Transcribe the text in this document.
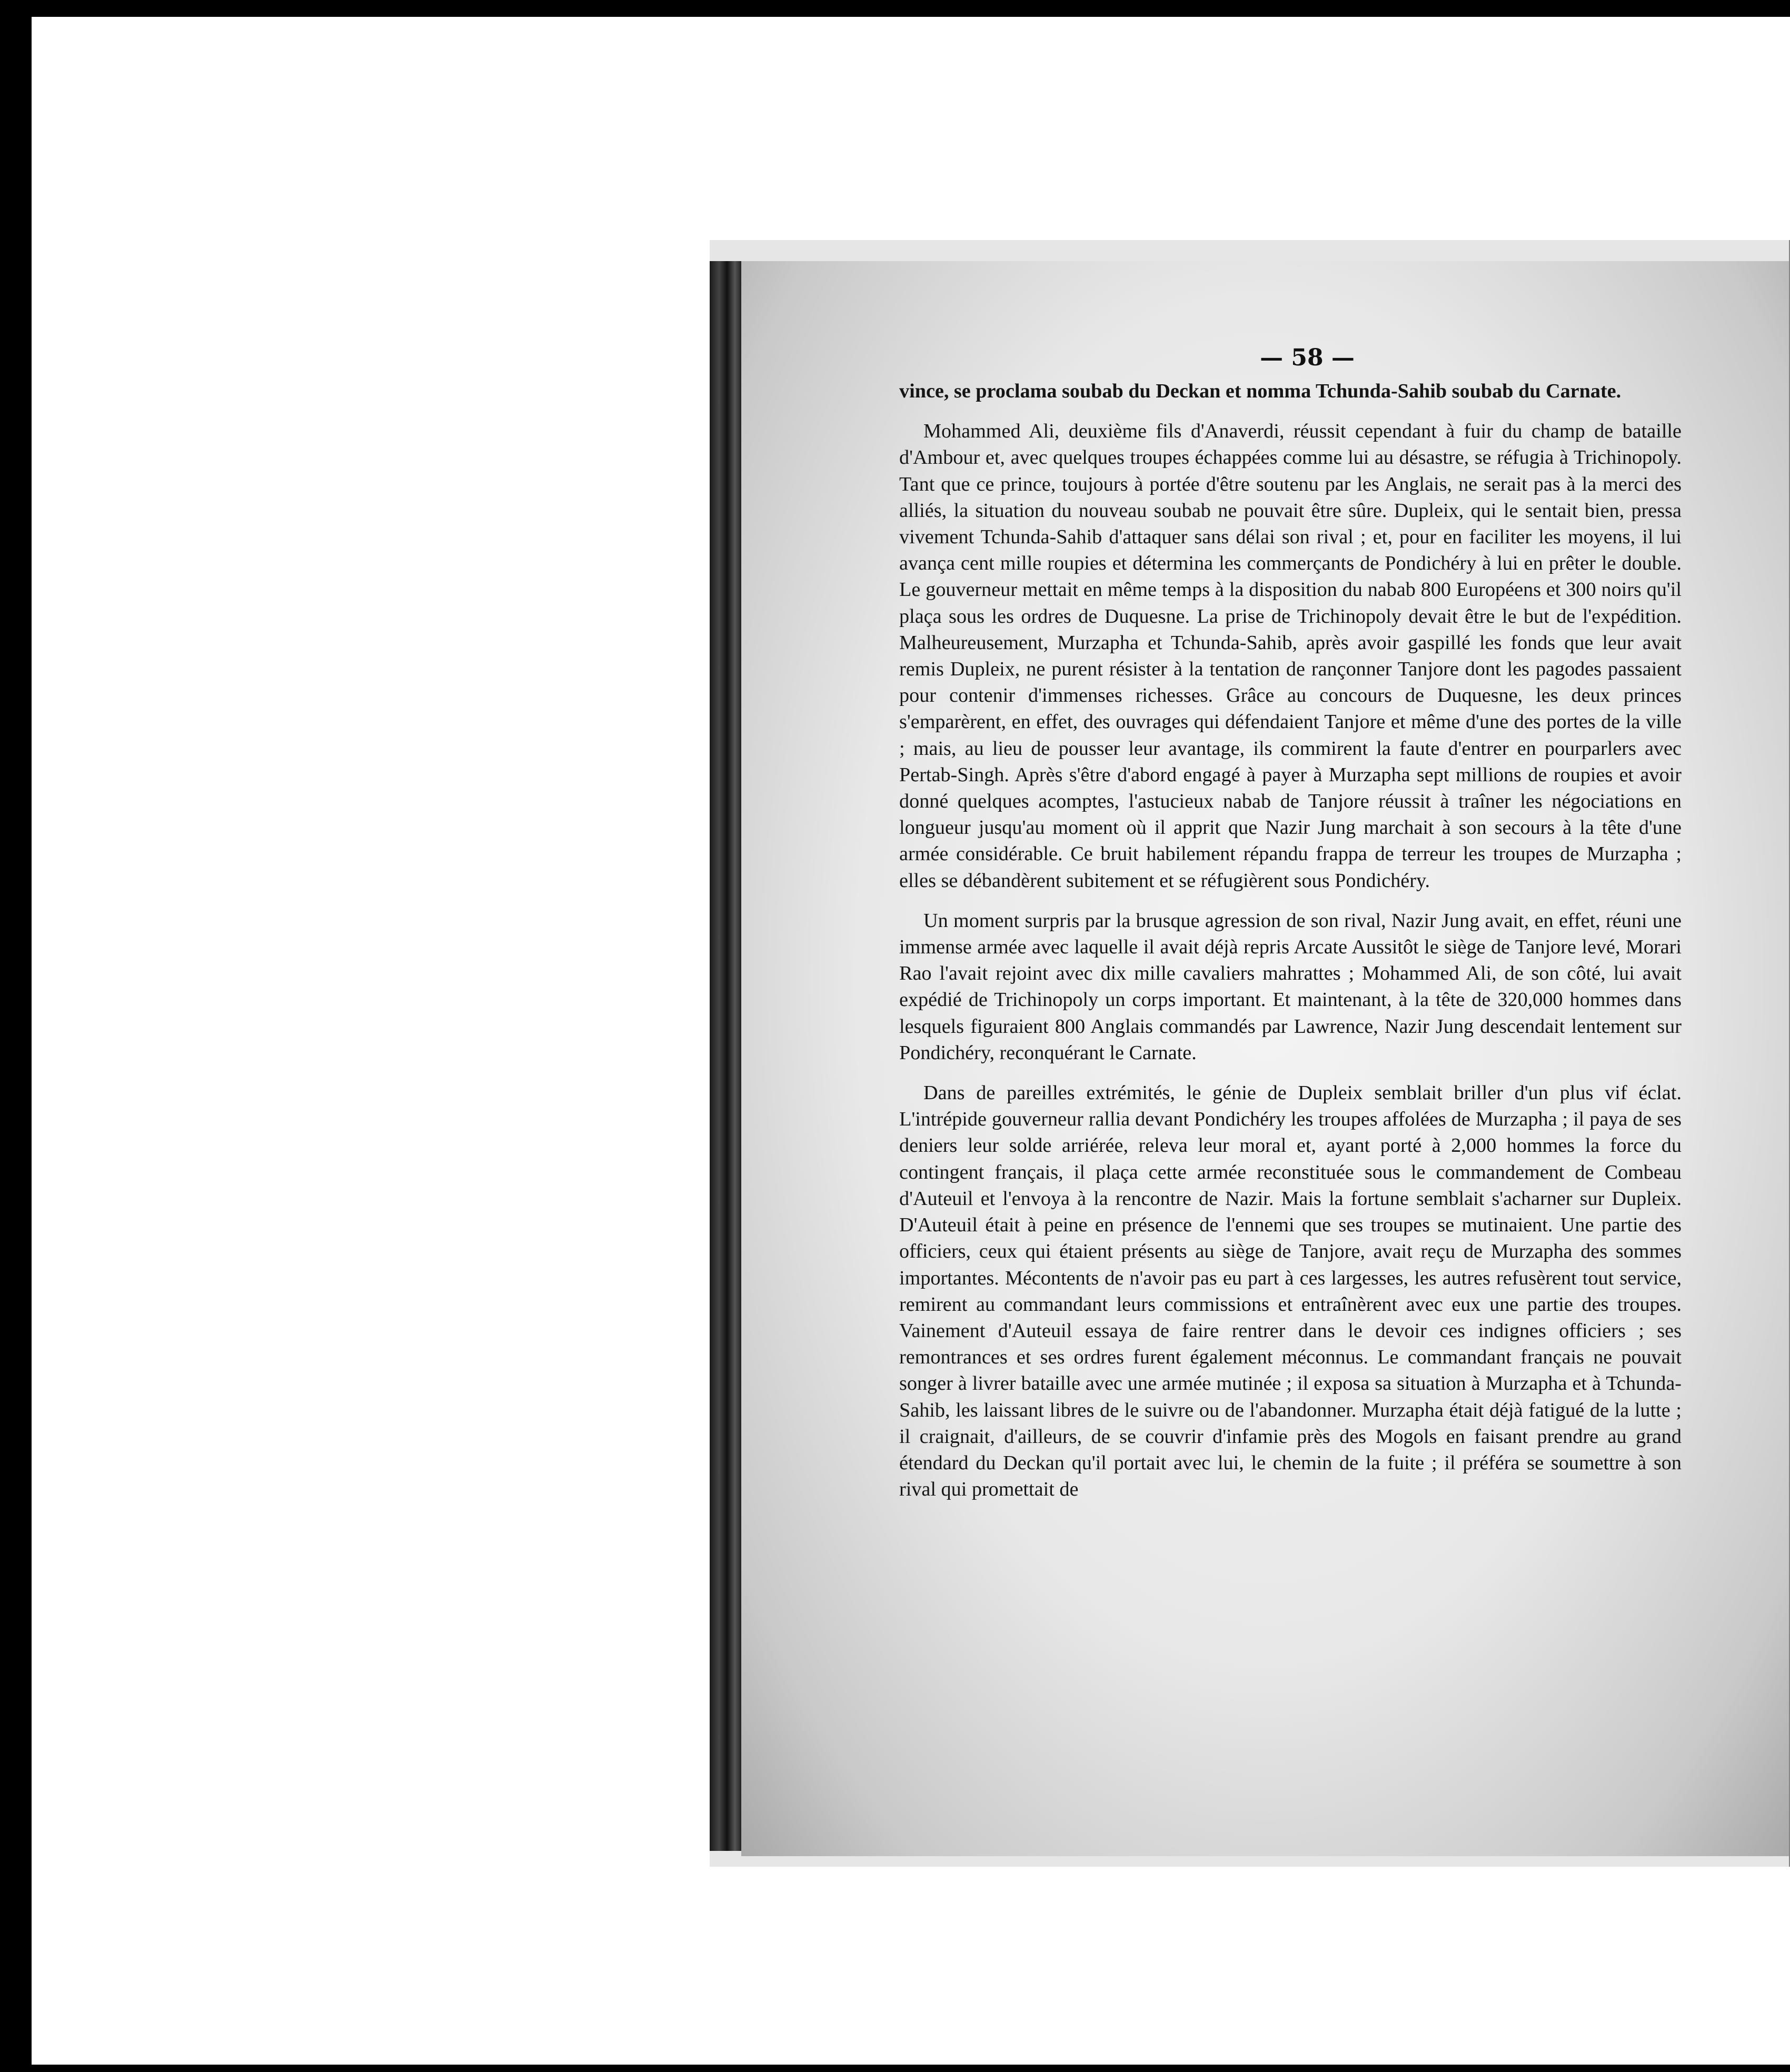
— 58 —

vince, se proclama soubab du Deckan et nomma Tchunda-Sahib soubab du Carnate.

Mohammed Ali, deuxième fils d'Anaverdi, réussit cependant à fuir du champ de bataille d'Ambour et, avec quelques troupes échappées comme lui au désastre, se réfugia à Trichinopoly. Tant que ce prince, toujours à portée d'être soutenu par les Anglais, ne serait pas à la merci des alliés, la situation du nouveau soubab ne pouvait être sûre. Dupleix, qui le sentait bien, pressa vivement Tchunda-Sahib d'attaquer sans délai son rival ; et, pour en faciliter les moyens, il lui avança cent mille roupies et détermina les commerçants de Pondichéry à lui en prêter le double. Le gouverneur mettait en même temps à la disposition du nabab 800 Européens et 300 noirs qu'il plaça sous les ordres de Duquesne. La prise de Trichinopoly devait être le but de l'expédition. Malheureusement, Murzapha et Tchunda-Sahib, après avoir gaspillé les fonds que leur avait remis Dupleix, ne purent résister à la tentation de rançonner Tanjore dont les pagodes passaient pour contenir d'immenses richesses. Grâce au concours de Duquesne, les deux princes s'emparèrent, en effet, des ouvrages qui défendaient Tanjore et même d'une des portes de la ville ; mais, au lieu de pousser leur avantage, ils commirent la faute d'entrer en pourparlers avec Pertab-Singh. Après s'être d'abord engagé à payer à Murzapha sept millions de roupies et avoir donné quelques acomptes, l'astucieux nabab de Tanjore réussit à traîner les négociations en longueur jusqu'au moment où il apprit que Nazir Jung marchait à son secours à la tête d'une armée considérable. Ce bruit habilement répandu frappa de terreur les troupes de Murzapha ; elles se débandèrent subitement et se réfugièrent sous Pondichéry.

Un moment surpris par la brusque agression de son rival, Nazir Jung avait, en effet, réuni une immense armée avec laquelle il avait déjà repris Arcate Aussitôt le siège de Tanjore levé, Morari Rao l'avait rejoint avec dix mille cavaliers mahrattes ; Mohammed Ali, de son côté, lui avait expédié de Trichinopoly un corps important. Et maintenant, à la tête de 320,000 hommes dans lesquels figuraient 800 Anglais commandés par Lawrence, Nazir Jung descendait lentement sur Pondichéry, reconquérant le Carnate.

Dans de pareilles extrémités, le génie de Dupleix semblait briller d'un plus vif éclat. L'intrépide gouverneur rallia devant Pondichéry les troupes affolées de Murzapha ; il paya de ses deniers leur solde arriérée, releva leur moral et, ayant porté à 2,000 hommes la force du contingent français, il plaça cette armée reconstituée sous le commandement de Combeau d'Auteuil et l'envoya à la rencontre de Nazir. Mais la fortune semblait s'acharner sur Dupleix. D'Auteuil était à peine en présence de l'ennemi que ses troupes se mutinaient. Une partie des officiers, ceux qui étaient présents au siège de Tanjore, avait reçu de Murzapha des sommes importantes. Mécontents de n'avoir pas eu part à ces largesses, les autres refusèrent tout service, remirent au commandant leurs commissions et entraînèrent avec eux une partie des troupes. Vainement d'Auteuil essaya de faire rentrer dans le devoir ces indignes officiers ; ses remontrances et ses ordres furent également méconnus. Le commandant français ne pouvait songer à livrer bataille avec une armée mutinée ; il exposa sa situation à Murzapha et à Tchunda-Sahib, les laissant libres de le suivre ou de l'abandonner. Murzapha était déjà fatigué de la lutte ; il craignait, d'ailleurs, de se couvrir d'infamie près des Mogols en faisant prendre au grand étendard du Deckan qu'il portait avec lui, le chemin de la fuite ; il préféra se soumettre à son rival qui promettait de
